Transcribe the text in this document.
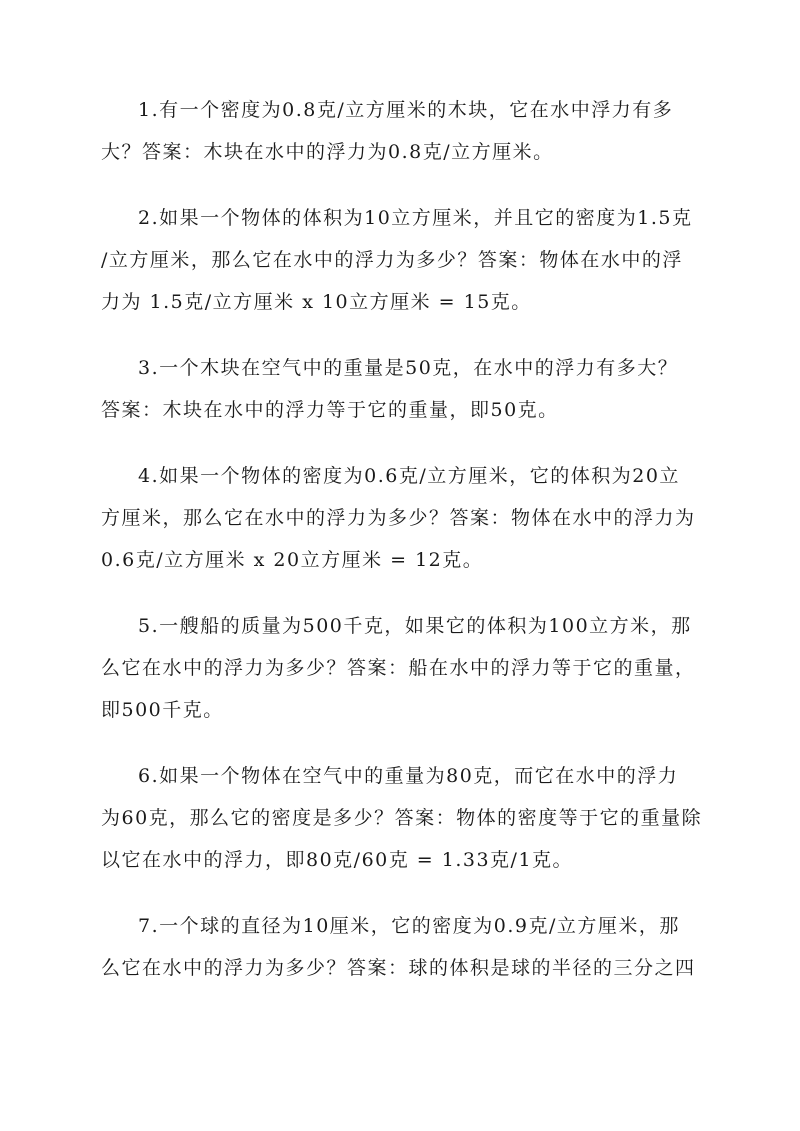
1.有一个密度为0.8克/立方厘米的木块，它在水中浮力有多
大？答案：木块在水中的浮力为0.8克/立方厘米。

2.如果一个物体的体积为10立方厘米，并且它的密度为1.5克
/立方厘米，那么它在水中的浮力为多少？答案：物体在水中的浮
力为 1.5克/立方厘米 x 10立方厘米 = 15克。

3.一个木块在空气中的重量是50克，在水中的浮力有多大？
答案：木块在水中的浮力等于它的重量，即50克。

4.如果一个物体的密度为0.6克/立方厘米，它的体积为20立
方厘米，那么它在水中的浮力为多少？答案：物体在水中的浮力为
0.6克/立方厘米 x 20立方厘米 = 12克。

5.一艘船的质量为500千克，如果它的体积为100立方米，那
么它在水中的浮力为多少？答案：船在水中的浮力等于它的重量，
即500千克。

6.如果一个物体在空气中的重量为80克，而它在水中的浮力
为60克，那么它的密度是多少？答案：物体的密度等于它的重量除
以它在水中的浮力，即80克/60克 = 1.33克/1克。

7.一个球的直径为10厘米，它的密度为0.9克/立方厘米，那
么它在水中的浮力为多少？答案：球的体积是球的半径的三分之四
